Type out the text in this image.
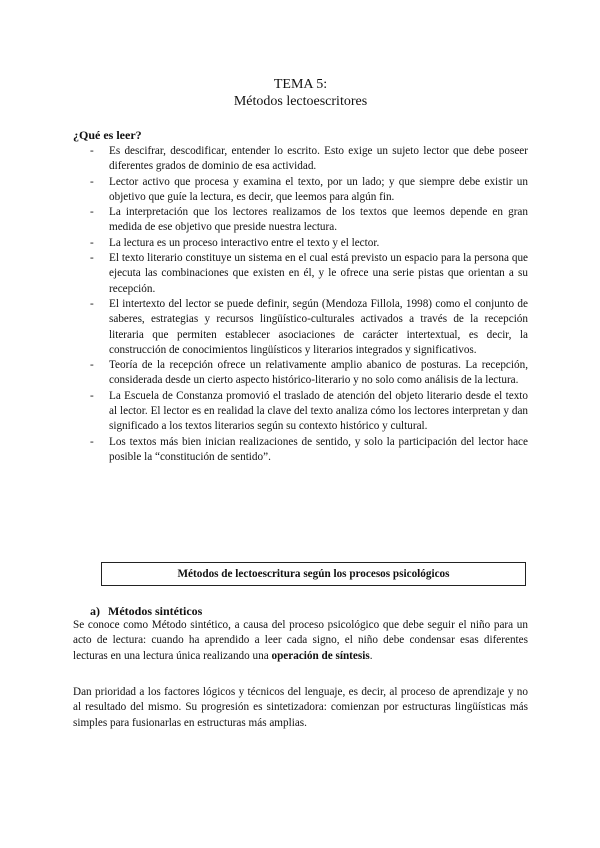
TEMA 5:
Métodos lectoescritores
¿Qué es leer?
- Es descifrar, descodificar, entender lo escrito. Esto exige un sujeto lector que debe poseer diferentes grados de dominio de esa actividad.
- Lector activo que procesa y examina el texto, por un lado; y que siempre debe existir un objetivo que guíe la lectura, es decir, que leemos para algún fin.
- La interpretación que los lectores realizamos de los textos que leemos depende en gran medida de ese objetivo que preside nuestra lectura.
- La lectura es un proceso interactivo entre el texto y el lector.
- El texto literario constituye un sistema en el cual está previsto un espacio para la persona que ejecuta las combinaciones que existen en él, y le ofrece una serie pistas que orientan a su recepción.
- El intertexto del lector se puede definir, según (Mendoza Fillola, 1998) como el conjunto de saberes, estrategias y recursos lingüístico-culturales activados a través de la recepción literaria que permiten establecer asociaciones de carácter intertextual, es decir, la construcción de conocimientos lingüísticos y literarios integrados y significativos.
- Teoría de la recepción ofrece un relativamente amplio abanico de posturas. La recepción, considerada desde un cierto aspecto histórico-literario y no solo como análisis de la lectura.
- La Escuela de Constanza promovió el traslado de atención del objeto literario desde el texto al lector. El lector es en realidad la clave del texto analiza cómo los lectores interpretan y dan significado a los textos literarios según su contexto histórico y cultural.
- Los textos más bien inician realizaciones de sentido, y solo la participación del lector hace posible la “constitución de sentido”.
Métodos de lectoescritura según los procesos psicológicos
a) Métodos sintéticos

Se conoce como Método sintético, a causa del proceso psicológico que debe seguir el niño para un acto de lectura: cuando ha aprendido a leer cada signo, el niño debe condensar esas diferentes lecturas en una lectura única realizando una operación de síntesis.

Dan prioridad a los factores lógicos y técnicos del lenguaje, es decir, al proceso de aprendizaje y no al resultado del mismo. Su progresión es sintetizadora: comienzan por estructuras lingüísticas más simples para fusionarlas en estructuras más amplias.
